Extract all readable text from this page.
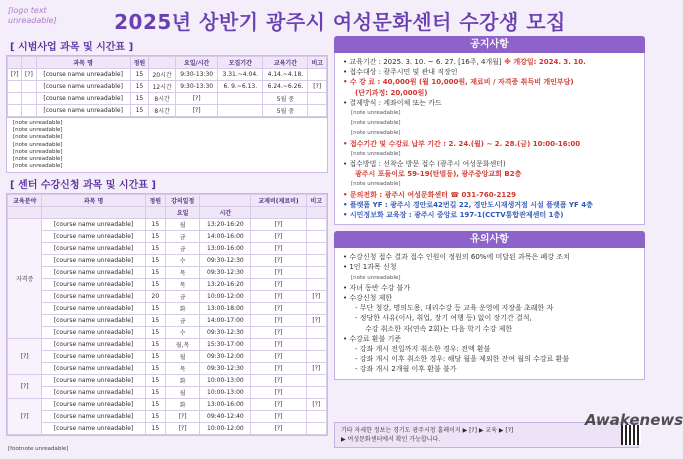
[logo text unreadable]	2025년 상반기 광주시 여성문화센터 수강생 모집
[ 시범사업 과목 및 시간표 ]
		과목 명	정원		요일/시간	모집기간	교육기간	비고
[?]	[?]	[course name unreadable]	15	20시간	9:30-13:30	3.31.~4.04.	4.14.~4.18.	
		[course name unreadable]	15	12시간	9:30-13:30	6. 9.~6.13.	6.24.~6.26.	[?]
		[course name unreadable]	15	8시간	[?]		5월 중	
		[course name unreadable]	15	8시간	[?]		5월 중	
[note unreadable]
[note unreadable]
[note unreadable]
[note unreadable]
[note unreadable]
[note unreadable]
[note unreadable]
[ 센터 수강신청 과목 및 시간표 ]
교육분야	과목 명	정원	강의일정		교재비(재료비)	비고
			요일	시간		
자격증	[course name unreadable]	15	월	13:20-16:20	[?]	
	[course name unreadable]	15	금	14:00-16:00	[?]	
	[course name unreadable]	15	금	13:00-16:00	[?]	
	[course name unreadable]	15	수	09:30-12:30	[?]	
	[course name unreadable]	15	목	09:30-12:30	[?]	
	[course name unreadable]	15	목	13:20-16:20	[?]	
	[course name unreadable]	20	금	10:00-12:00	[?]	[?]
	[course name unreadable]	15	화	13:00-18:00	[?]	
	[course name unreadable]	15	금	14:00-17:00	[?]	[?]
	[course name unreadable]	15	수	09:30-12:30	[?]	
[?]	[course name unreadable]	15	월,목	15:30-17:00	[?]	
	[course name unreadable]	15	월	09:30-12:00	[?]	
	[course name unreadable]	15	목	09:30-12:30	[?]	[?]
[?]	[course name unreadable]	15	화	10:00-13:00	[?]	
	[course name unreadable]	15	월	10:00-13:00	[?]	
[?]	[course name unreadable]	15	화	13:00-16:00	[?]	[?]
	[course name unreadable]	15	[?]	09:40-12:40	[?]	
	[course name unreadable]	15	[?]	10:00-12:00	[?]	
공지사항
• 교육기간 : 2025. 3. 10. ~ 6. 27. [16주, 4개월] ※ 개강일: 2024. 3. 10.
• 접수대상 : 광주시민 및 관내 직장인
• 수 강 료 : 40,000원 (월 10,000원, 재료비 / 자격증 취득비 개인부담)
(단기과정: 20,000원)
• 결제방식 : 계좌이체 또는 카드
[note unreadable]
[note unreadable]
[note unreadable]
• 접수기간 및 수강료 납부 기간 : 2. 24.(월) ~ 2. 28.(금) 10:00-16:00
[note unreadable]
• 접수방법 : 선착순 방문 접수 (광주시 여성문화센터)
광주시 포돌이로 59-19(탄벌동), 광주중앙교회 B2층
[note unreadable]
• 문의전화 : 광주시 여성문화센터 ☎ 031-760-2129
• 플랫폼 YF : 광주시 경안로42번길 22, 경안도시재생거점 시설 플랫폼 YF 4층
• 시민정보화 교육장 : 광주시 중앙로 197-1(CCTV통합관제센터 1층)
유의사항
• 수강신청 접수 결과 접수 인원이 정원의 60%에 미달된 과목은 폐강 조치
• 1인 1과목 신청
[note unreadable]
• 자녀 동반 수강 불가
• 수강신청 제한
- 무단 청강, 명의도용, 대리수강 등 교육 운영에 지장을 초래한 자
- 정당한 사유(이사, 취업, 장기 여행 등) 없이 장기간 결석,
수강 취소한 자(연속 2회)는 다음 학기 수강 제한
• 수강료 환불 기준
- 강좌 개시 전일까지 취소한 경우: 전액 환불
- 강좌 개시 이후 취소한 경우: 해당 월을 제외한 잔여 월의 수강료 환불
- 강좌 개시 2개월 이후 환불 불가
기타 자세한 정보는 경기도 광주시청 홈페이지 ▶ [?] ▶ 교육 ▶ [?]
▶ 여성문화센터에서 확인 가능합니다.
Awakenews
[footnote unreadable]
